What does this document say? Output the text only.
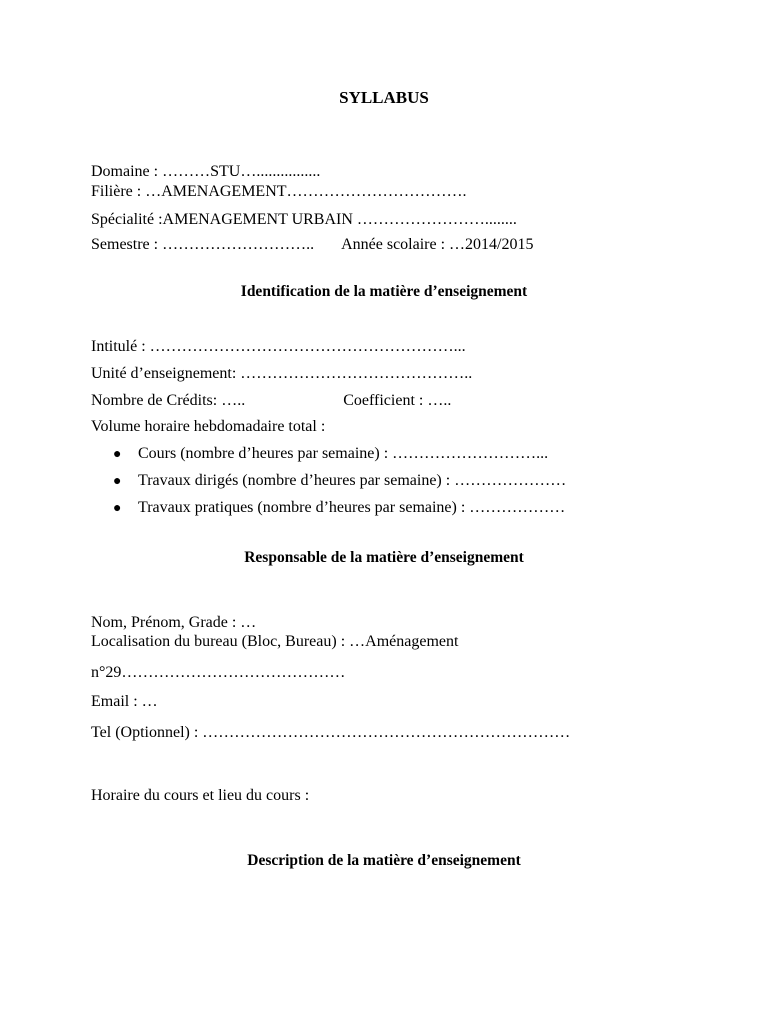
SYLLABUS
Domaine : ………STU…................
Filière : …AMENAGEMENT…………………………….
Spécialité :AMENAGEMENT URBAIN ……………………........
Semestre : ……………………….. Année scolaire : …2014/2015
Identification de la matière d’enseignement
Intitulé : …………………………………………………...
Unité d’enseignement: ……………………………………..
Nombre de Crédits: …..	Coefficient : …..
Volume horaire hebdomadaire total :
● Cours (nombre d’heures par semaine) : ………………………...
● Travaux dirigés (nombre d’heures par semaine) : …………………
● Travaux pratiques (nombre d’heures par semaine) : ………………
Responsable de la matière d’enseignement
Nom, Prénom, Grade : …
Localisation du bureau (Bloc, Bureau) : …Aménagement
n°29……………………………………
Email : …
Tel (Optionnel) : ……………………………………………………………
Horaire du cours et lieu du cours :
Description de la matière d’enseignement
